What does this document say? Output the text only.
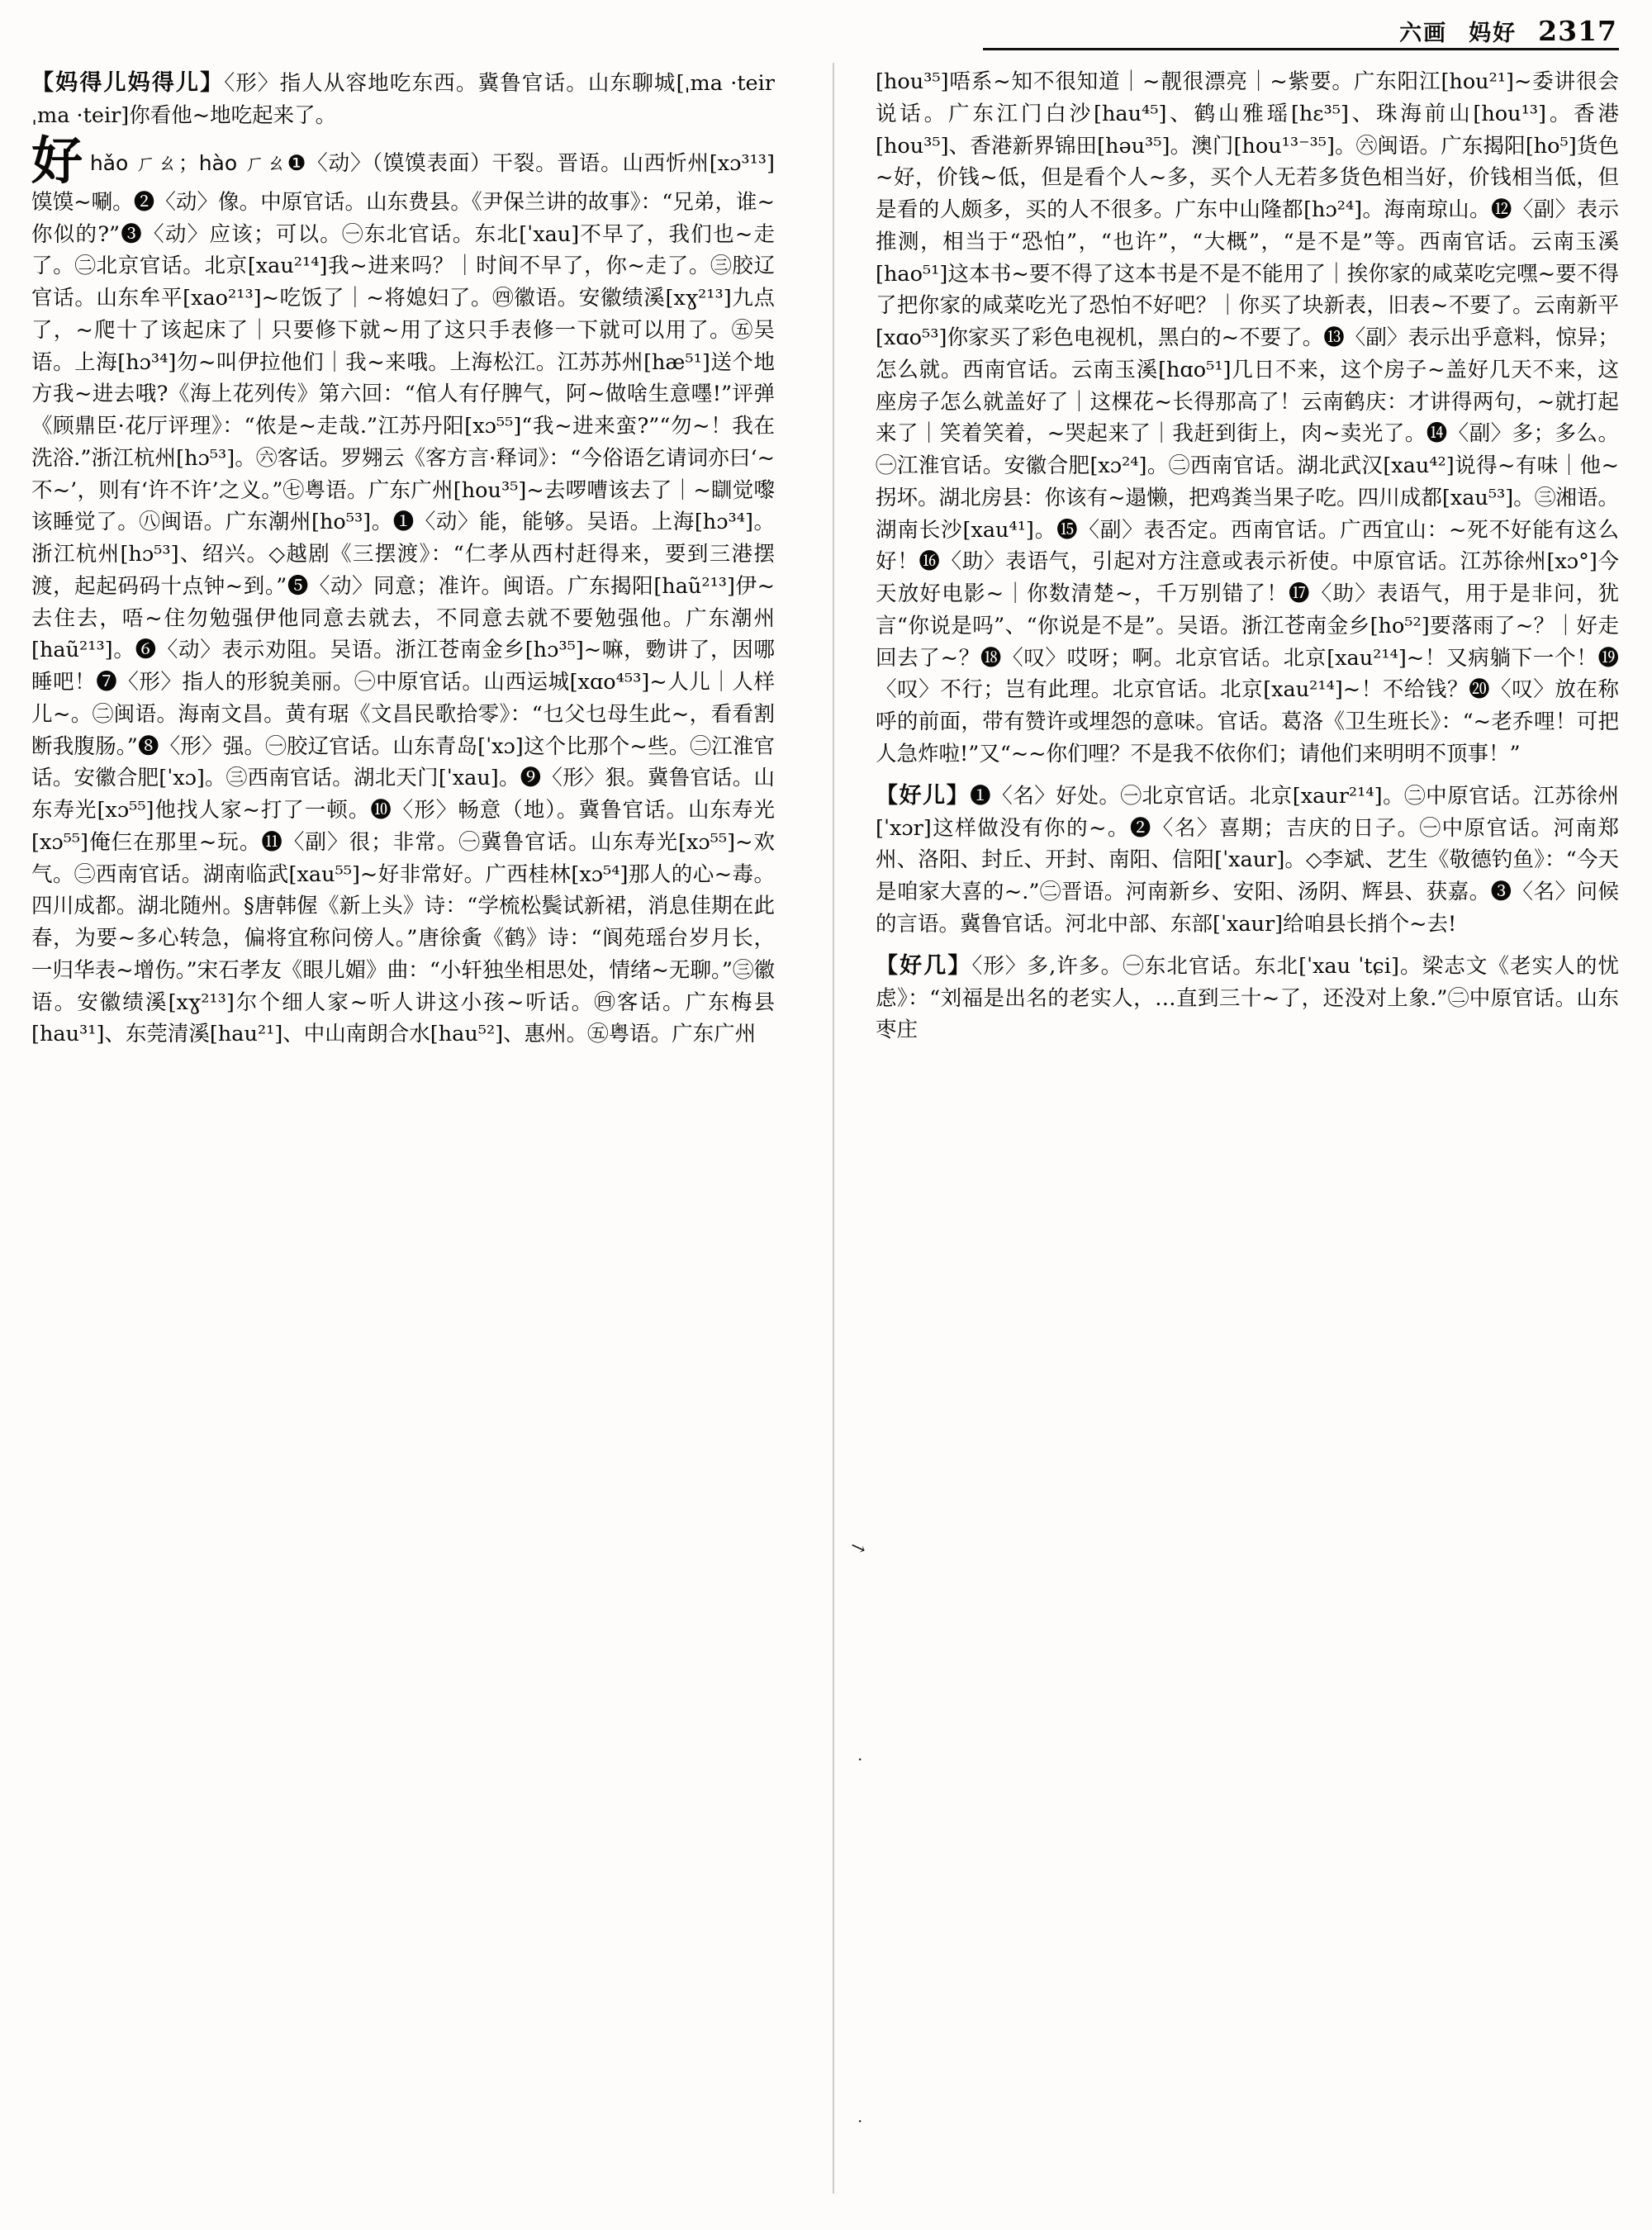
六画 妈好 2317
【妈得儿妈得儿】〈形〉指人从容地吃东西。冀鲁官话。山东聊城[ˌma ·teirˌma ·teir]你看他~地吃起来了。
好hǎo ㄏㄠ；hào ㄏㄠ❶〈动〉（馍馍表面）干裂。晋语。山西忻州[xɔ³¹³]馍馍~唰。❷〈动〉像。中原官话。山东费县。《尹保兰讲的故事》：“兄弟，谁~你似的?”❸〈动〉应该；可以。㊀东北官话。东北[ˈxau]不早了，我们也~走了。㊁北京官话。北京[xau²¹⁴]我~进来吗？｜时间不早了，你~走了。㊂胶辽官话。山东牟平[xao²¹³]~吃饭了｜~将媳妇了。㊃徽语。安徽绩溪[xɣ²¹³]九点了，~爬十了该起床了｜只要修下就~用了这只手表修一下就可以用了。㊄吴语。上海[hɔ³⁴]勿~叫伊拉他们｜我~来哦。上海松江。江苏苏州[hæ⁵¹]送个地方我~进去哦?《海上花列传》第六回：“倌人有仔脾气，阿~做啥生意嚜!”评弹《顾鼎臣·花厅评理》：“侬是~走哉.”江苏丹阳[xɔ⁵⁵]“我~进来蛮?”“勿~！我在洗浴.”浙江杭州[hɔ⁵³]。㊅客话。罗翙云《客方言·释词》：“今俗语乞请词亦曰‘~不~’，则有‘许不许’之义。”㊆粤语。广东广州[hou³⁵]~去啰嘈该去了｜~瞓觉嚟该睡觉了。㊇闽语。广东潮州[ho⁵³]。❶〈动〉能，能够。吴语。上海[hɔ³⁴]。浙江杭州[hɔ⁵³]、绍兴。◇越剧《三摆渡》：“仁孝从西村赶得来，要到三港摆渡，起起码码十点钟~到。”❺〈动〉同意；准许。闽语。广东揭阳[haũ²¹³]伊~去住去，唔~住勿勉强伊他同意去就去，不同意去就不要勉强他。广东潮州[haũ²¹³]。❻〈动〉表示劝阻。吴语。浙江苍南金乡[hɔ³⁵]~嘛，覅讲了，因哪睡吧！❼〈形〉指人的形貌美丽。㊀中原官话。山西运城[xɑo⁴⁵³]~人儿｜人样儿~。㊁闽语。海南文昌。黄有琚《文昌民歌拾零》：“乜父乜母生此~，看看割断我腹肠。”❽〈形〉强。㊀胶辽官话。山东青岛[ˈxɔ]这个比那个~些。㊁江淮官话。安徽合肥[ˈxɔ]。㊂西南官话。湖北天门[ˈxau]。❾〈形〉狠。冀鲁官话。山东寿光[xɔ⁵⁵]他找人家~打了一顿。❿〈形〉畅意（地）。冀鲁官话。山东寿光[xɔ⁵⁵]俺仨在那里~玩。⓫〈副〉很；非常。㊀冀鲁官话。山东寿光[xɔ⁵⁵]~欢气。㊁西南官话。湖南临武[xau⁵⁵]~好非常好。广西桂林[xɔ⁵⁴]那人的心~毒。四川成都。湖北随州。§唐韩偓《新上头》诗：“学梳松鬓试新裙，消息佳期在此春，为要~多心转急，偏将宜称问傍人。”唐徐夤《鹤》诗：“阆苑瑶台岁月长，一归华表~增伤。”宋石孝友《眼儿媚》曲：“小轩独坐相思处，情绪~无聊。”㊂徽语。安徽绩溪[xɣ²¹³]尔个细人家~听人讲这小孩~听话。㊃客话。广东梅县[hau³¹]、东莞清溪[hau²¹]、中山南朗合水[hau⁵²]、惠州。㊄粤语。广东广州
[hou³⁵]唔系~知不很知道｜~靓很漂亮｜~紫要。广东阳江[hou²¹]~委讲很会说话。广东江门白沙[hau⁴⁵]、鹤山雅瑶[hɛ³⁵]、珠海前山[hou¹³]。香港[hou³⁵]、香港新界锦田[həu³⁵]。澳门[hou¹³⁻³⁵]。㊅闽语。广东揭阳[ho⁵]货色~好，价钱~低，但是看个人~多，买个人无若多货色相当好，价钱相当低，但是看的人颇多，买的人不很多。广东中山隆都[hɔ²⁴]。海南琼山。⓬〈副〉表示推测，相当于“恐怕”，“也许”，“大概”，“是不是”等。西南官话。云南玉溪[hao⁵¹]这本书~要不得了这本书是不是不能用了｜挨你家的咸菜吃完嘿~要不得了把你家的咸菜吃光了恐怕不好吧？｜你买了块新表，旧表~不要了。云南新平[xɑo⁵³]你家买了彩色电视机，黑白的~不要了。⓭〈副〉表示出乎意料，惊异；怎么就。西南官话。云南玉溪[hɑo⁵¹]几日不来，这个房子~盖好几天不来，这座房子怎么就盖好了｜这棵花~长得那高了！云南鹤庆：才讲得两句，~就打起来了｜笑着笑着，~哭起来了｜我赶到街上，肉~卖光了。⓮〈副〉多；多么。㊀江淮官话。安徽合肥[xɔ²⁴]。㊁西南官话。湖北武汉[xau⁴²]说得~有味｜他~拐坏。湖北房县：你该有~遢懒，把鸡粪当果子吃。四川成都[xau⁵³]。㊂湘语。湖南长沙[xau⁴¹]。⓯〈副〉表否定。西南官话。广西宜山：~死不好能有这么好！⓰〈助〉表语气，引起对方注意或表示祈使。中原官话。江苏徐州[xɔ°]今天放好电影~｜你数清楚~，千万别错了！⓱〈助〉表语气，用于是非问，犹言“你说是吗”、“你说是不是”。吴语。浙江苍南金乡[ho⁵²]要落雨了~？｜好走回去了~？⓲〈叹〉哎呀；啊。北京官话。北京[xau²¹⁴]~！又病躺下一个！⓳〈叹〉不行；岂有此理。北京官话。北京[xau²¹⁴]~！不给钱？⓴〈叹〉放在称呼的前面，带有赞许或埋怨的意味。官话。葛洛《卫生班长》：“~老乔哩！可把人急炸啦!”又“~~你们哩？不是我不依你们；请他们来明明不顶事！”
【好儿】❶〈名〉好处。㊀北京官话。北京[xaur²¹⁴]。㊁中原官话。江苏徐州[ˈxɔr]这样做没有你的~。❷〈名〉喜期；吉庆的日子。㊀中原官话。河南郑州、洛阳、封丘、开封、南阳、信阳[ˈxaur]。◇李斌、艺生《敬德钓鱼》：“今天是咱家大喜的~.”㊁晋语。河南新乡、安阳、汤阴、辉县、获嘉。❸〈名〉问候的言语。冀鲁官话。河北中部、东部[ˈxaur]给咱县长捎个~去!
【好几】〈形〉多,许多。㊀东北官话。东北[ˈxau ˈtɕi]。梁志文《老实人的忧虑》：“刘福是出名的老实人，…直到三十~了，还没对上象.”㊁中原官话。山东枣庄
↘
·
·
